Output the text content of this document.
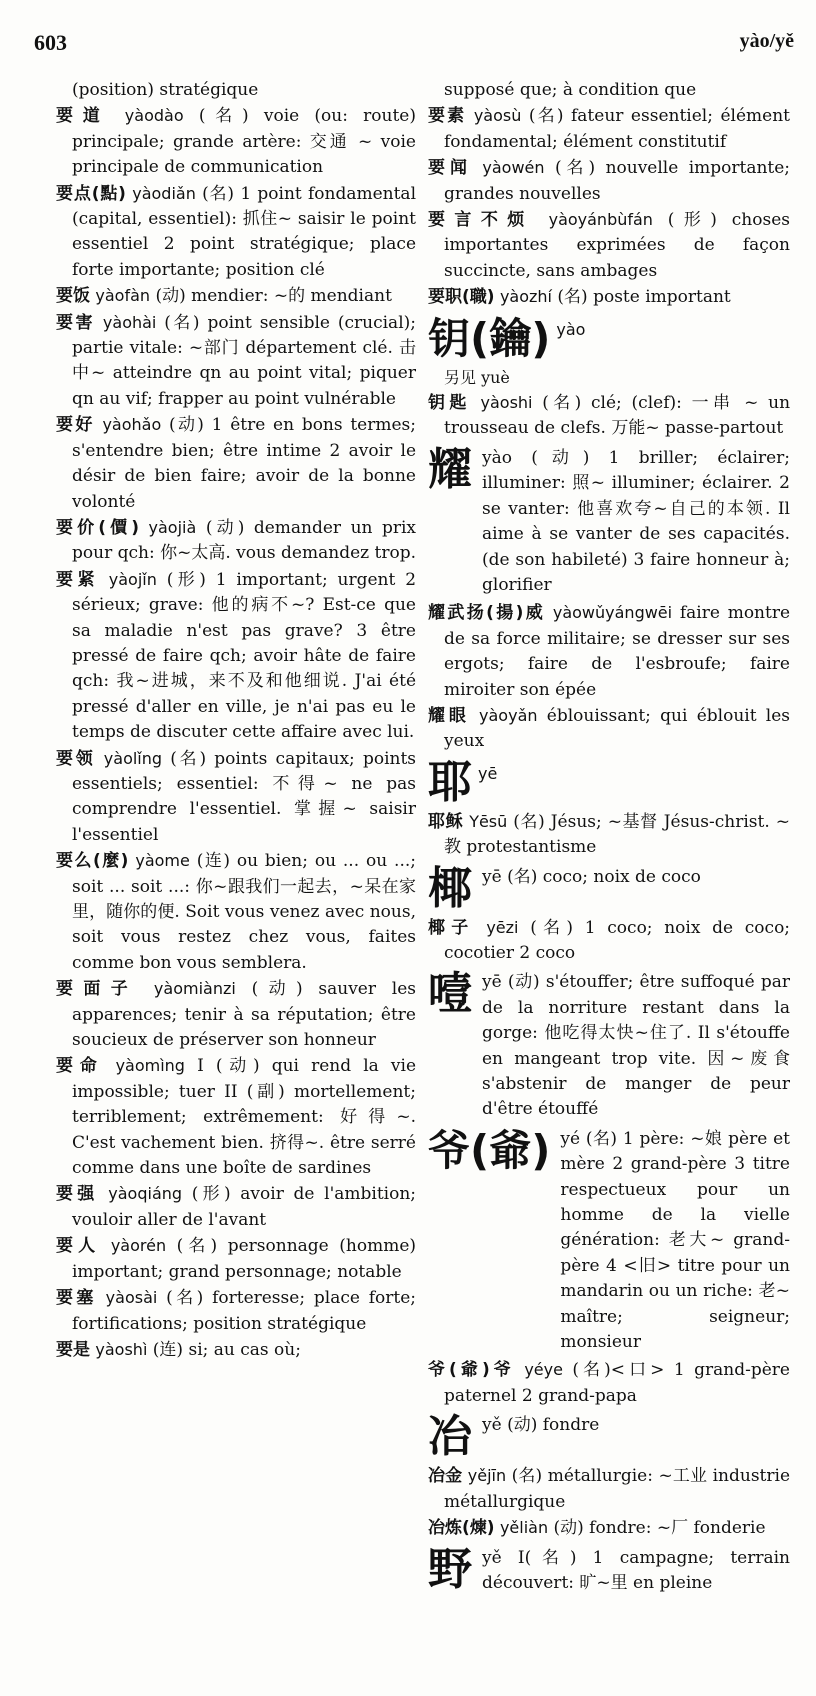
603	yào/yě
(position) stratégique
要道 yàodào (名) voie (ou: route) principale; grande artère: 交通 ~ voie principale de communication
要点(點) yàodiǎn (名) 1 point fondamental (capital, essentiel): 抓住~ saisir le point essentiel 2 point stratégique; place forte importante; position clé
要饭 yàofàn (动) mendier: ~的 mendiant
要害 yàohài (名) point sensible (crucial); partie vitale: ~部门 département clé. 击中~ atteindre qn au point vital; piquer qn au vif; frapper au point vulnérable
要好 yàohǎo (动) 1 être en bons termes; s'entendre bien; être intime 2 avoir le désir de bien faire; avoir de la bonne volonté
要价(價) yàojià (动) demander un prix pour qch: 你~太高. vous demandez trop.
要紧 yàojǐn (形) 1 important; urgent 2 sérieux; grave: 他的病不~? Est-ce que sa maladie n'est pas grave? 3 être pressé de faire qch; avoir hâte de faire qch: 我~进城，来不及和他细说. J'ai été pressé d'aller en ville, je n'ai pas eu le temps de discuter cette affaire avec lui.
要领 yàolǐng (名) points capitaux; points essentiels; essentiel: 不得~ ne pas comprendre l'essentiel. 掌握~ saisir l'essentiel
要么(麼) yàome (连) ou bien; ou ... ou ...; soit ... soit ...: 你~跟我们一起去，~呆在家里，随你的便. Soit vous venez avec nous, soit vous restez chez vous, faites comme bon vous semblera.
要面子 yàomiànzi (动) sauver les apparences; tenir à sa réputation; être soucieux de préserver son honneur
要命 yàomìng I (动) qui rend la vie impossible; tuer II (副) mortellement; terriblement; extrêmement: 好得~. C'est vachement bien. 挤得~. être serré comme dans une boîte de sardines
要强 yàoqiáng (形) avoir de l'ambition; vouloir aller de l'avant
要人 yàorén (名) personnage (homme) important; grand personnage; notable
要塞 yàosài (名) forteresse; place forte; fortifications; position stratégique
要是 yàoshì (连) si; au cas où;
supposé que; à condition que
要素 yàosù (名) fateur essentiel; élément fondamental; élément constitutif
要闻 yàowén (名) nouvelle importante; grandes nouvelles
要言不烦 yàoyánbùfán (形) choses importantes exprimées de façon succincte, sans ambages
要职(職) yàozhí (名) poste important
钥(鑰) yào
另见 yuè
钥匙 yàoshi (名) clé; (clef): 一串 ~ un trousseau de clefs. 万能~ passe-partout
耀 yào (动) 1 briller; éclairer; illuminer: 照~ illuminer; éclairer. 2 se vanter: 他喜欢夸~自己的本领. Il aime à se vanter de ses capacités. (de son habileté) 3 faire honneur à; glorifier
耀武扬(揚)威 yàowǔyángwēi faire montre de sa force militaire; se dresser sur ses ergots; faire de l'esbroufe; faire miroiter son épée
耀眼 yàoyǎn éblouissant; qui éblouit les yeux
耶 yē
耶稣 Yēsū (名) Jésus; ~基督 Jésus-christ. ~教 protestantisme
椰 yē (名) coco; noix de coco
椰子 yēzi (名) 1 coco; noix de coco; cocotier 2 coco
噎 yē (动) s'étouffer; être suffoqué par de la norriture restant dans la gorge: 他吃得太快~住了. Il s'étouffe en mangeant trop vite. 因~废食 s'abstenir de manger de peur d'être étouffé
爷(爺) yé (名) 1 père: ~娘 père et mère 2 grand-père 3 titre respectueux pour un homme de la vielle génération: 老大~ grand-père 4 <旧> titre pour un mandarin ou un riche: 老~ maître; seigneur; monsieur
爷(爺)爷 yéye (名)<口> 1 grand-père paternel 2 grand-papa
冶 yě (动) fondre
冶金 yějīn (名) métallurgie: ~工业 industrie métallurgique
冶炼(煉) yěliàn (动) fondre: ~厂 fonderie
野 yě I(名) 1 campagne; terrain découvert: 旷~里 en pleine
